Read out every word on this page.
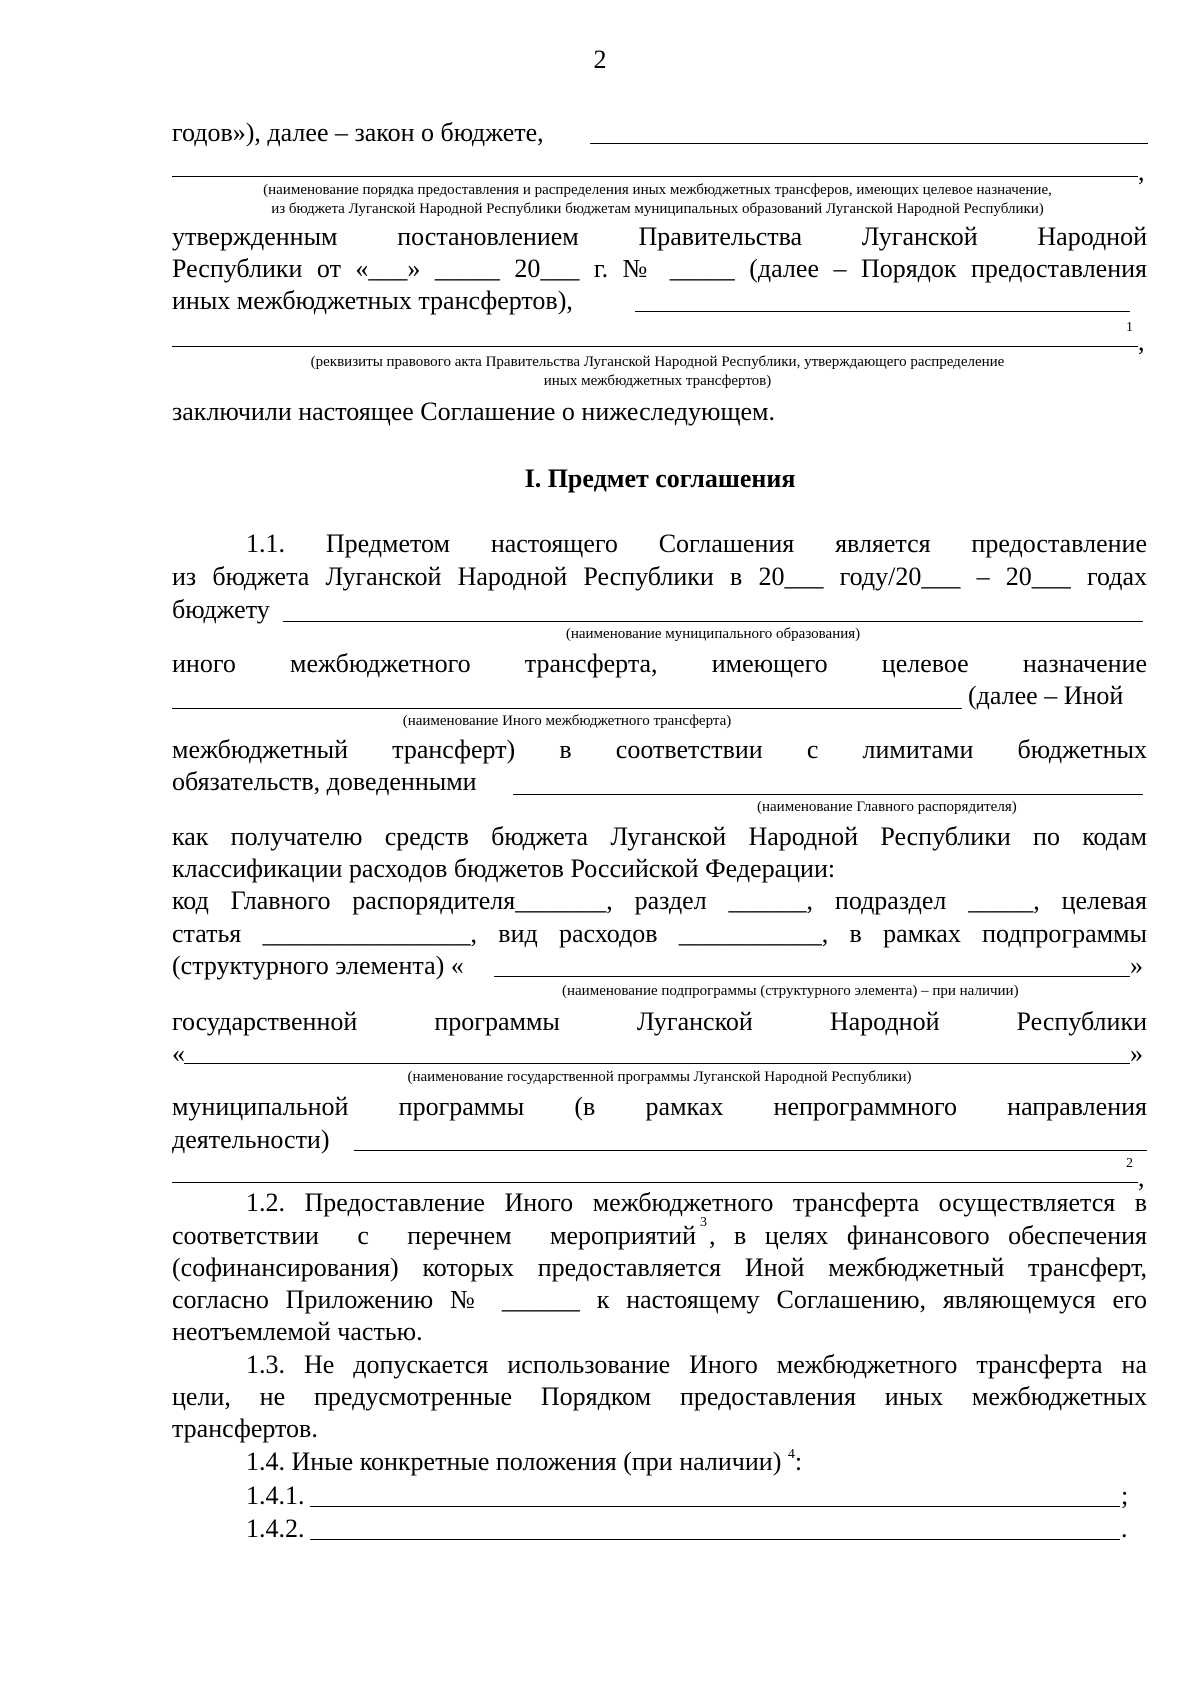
2
годов»), далее – закон о бюджете,
,
(наименование порядка предоставления и распределения иных межбюджетных трансферов, имеющих целевое назначение,
из бюджета Луганской Народной Республики бюджетам муниципальных образований Луганской Народной Республики)
утвержденным постановлением Правительства Луганской Народной
Республики от «___» _____ 20___ г. № _____ (далее – Порядок предоставления
иных межбюджетных трансфертов),
1 ,
(реквизиты правового акта Правительства Луганской Народной Республики, утверждающего распределение
иных межбюджетных трансфертов)
заключили настоящее Соглашение о нижеследующем.
I. Предмет соглашения
1.1. Предметом настоящего Соглашения является предоставление
из бюджета Луганской Народной Республики в 20___ году/20___ – 20___ годах
бюджету
(наименование муниципального образования)
иного межбюджетного трансферта, имеющего целевое назначение
(далее – Иной
(наименование Иного межбюджетного трансферта)
межбюджетный трансферт) в соответствии с лимитами бюджетных
обязательств, доведенными
(наименование Главного распорядителя)
как получателю средств бюджета Луганской Народной Республики по кодам
классификации расходов бюджетов Российской Федерации:
код Главного распорядителя_______, раздел ______, подраздел _____, целевая
статья ________________, вид расходов ___________, в рамках подпрограммы
(структурного элемента) «	»
(наименование подпрограммы (структурного элемента) – при наличии)
государственной программы Луганской Народной Республики
«	»
(наименование государственной программы Луганской Народной Республики)
муниципальной программы (в рамках непрограммного направления
деятельности)
2 ,
1.2. Предоставление Иного межбюджетного трансферта осуществляется в
соответствии с перечнем мероприятий 3 , в целях финансового обеспечения
(софинансирования) которых предоставляется Иной межбюджетный трансферт,
согласно Приложению № ______ к настоящему Соглашению, являющемуся его
неотъемлемой частью.
1.3. Не допускается использование Иного межбюджетного трансферта на
цели, не предусмотренные Порядком предоставления иных межбюджетных
трансфертов.
1.4. Иные конкретные положения (при наличии) $^4$:
1.4.1.	;
1.4.2.	.
